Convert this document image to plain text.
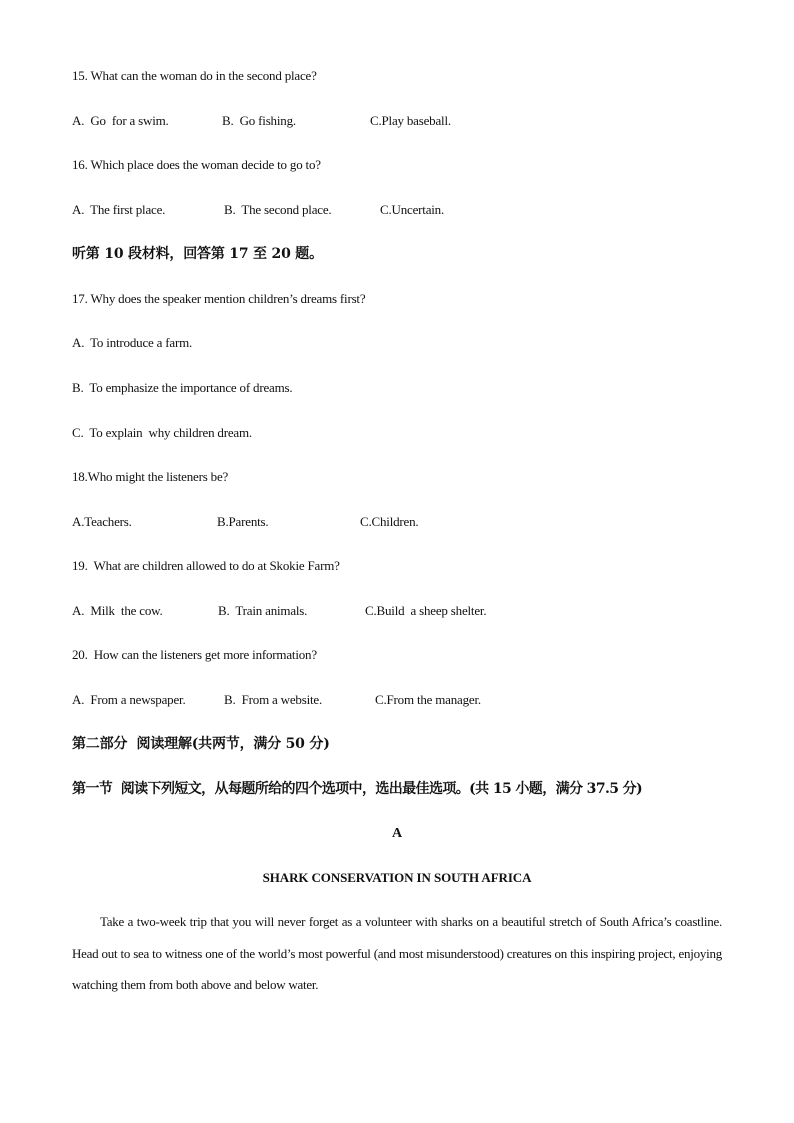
15. What can the woman do in the second place?
A.  Go  for a swim.	B.  Go fishing.	C.Play baseball.
16. Which place does the woman decide to go to?
A.  The first place.	B.  The second place.	C.Uncertain.
听第 10 段材料，回答第 17 至 20 题。
17. Why does the speaker mention children’s dreams first?
A.  To introduce a farm.
B.  To emphasize the importance of dreams.
C.  To explain  why children dream.
18.Who might the listeners be?
A.Teachers.	B.Parents.	C.Children.
19.  What are children allowed to do at Skokie Farm?
A.  Milk  the cow.	B.  Train animals.	C.Build  a sheep shelter.
20.  How can the listeners get more information?
A.  From a newspaper.	B.  From a website.	C.From the manager.
第二部分  阅读理解(共两节，满分 50 分)
第一节  阅读下列短文，从每题所给的四个选项中，选出最佳选项。(共 15 小题，满分 37.5 分)
A
SHARK CONSERVATION IN SOUTH AFRICA
Take a two-week trip that you will never forget as a volunteer with sharks on a beautiful stretch of South Africa’s coastline. Head out to sea to witness one of the world’s most powerful (and most misunderstood) creatures on this inspiring project, enjoying watching them from both above and below water.
